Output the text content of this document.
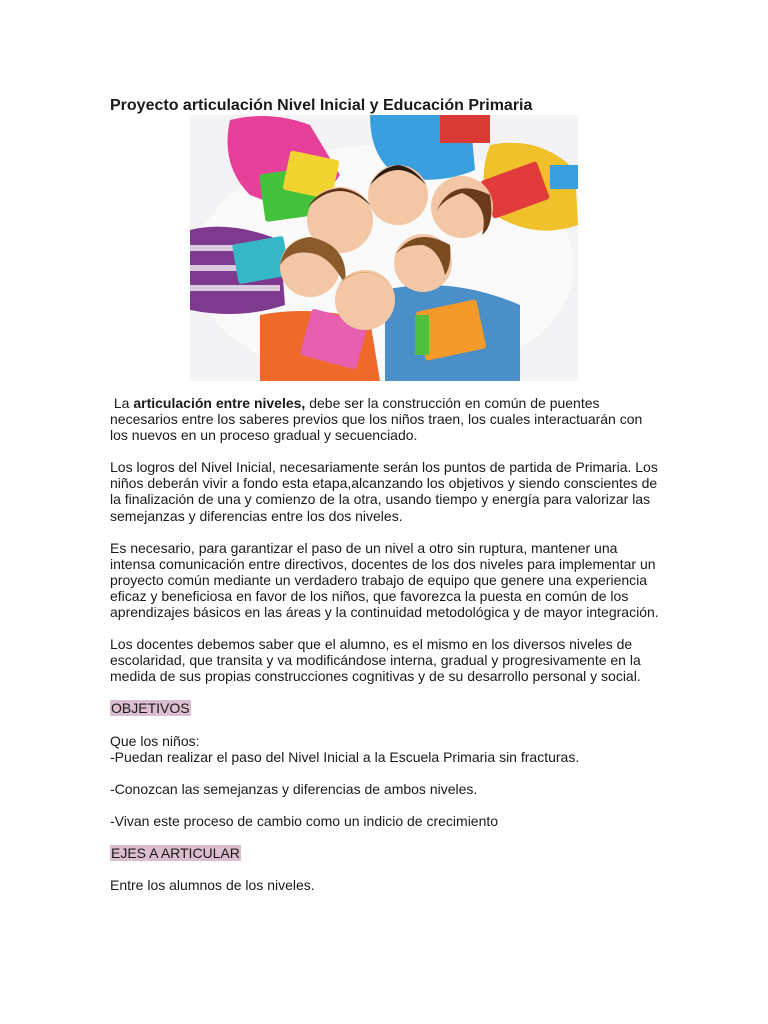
Proyecto articulación Nivel Inicial y Educación Primaria

La articulación entre niveles, debe ser la construcción en común de puentes necesarios entre los saberes previos que los niños traen, los cuales interactuarán con los nuevos en un proceso gradual y secuenciado.

Los logros del Nivel Inicial, necesariamente serán los puntos de partida de Primaria. Los niños deberán vivir a fondo esta etapa,alcanzando los objetivos y siendo conscientes de la finalización de una y comienzo de la otra, usando tiempo y energía para valorizar las semejanzas y diferencias entre los dos niveles.

Es necesario, para garantizar el paso de un nivel a otro sin ruptura, mantener una intensa comunicación entre directivos, docentes de los dos niveles para implementar un proyecto común mediante un verdadero trabajo de equipo que genere una experiencia eficaz y beneficiosa en favor de los niños, que favorezca la puesta en común de los aprendizajes básicos en las áreas y la continuidad metodológica y de mayor integración.

Los docentes debemos saber que el alumno, es el mismo en los diversos niveles de escolaridad, que transita y va modificándose interna, gradual y progresivamente en la medida de sus propias construcciones cognitivas y de su desarrollo personal y social.

OBJETIVOS

Que los niños:
-Puedan realizar el paso del Nivel Inicial a la Escuela Primaria sin fracturas.

-Conozcan las semejanzas y diferencias de ambos niveles.

-Vivan este proceso de cambio como un indicio de crecimiento

EJES A ARTICULAR

Entre los alumnos de los niveles.
